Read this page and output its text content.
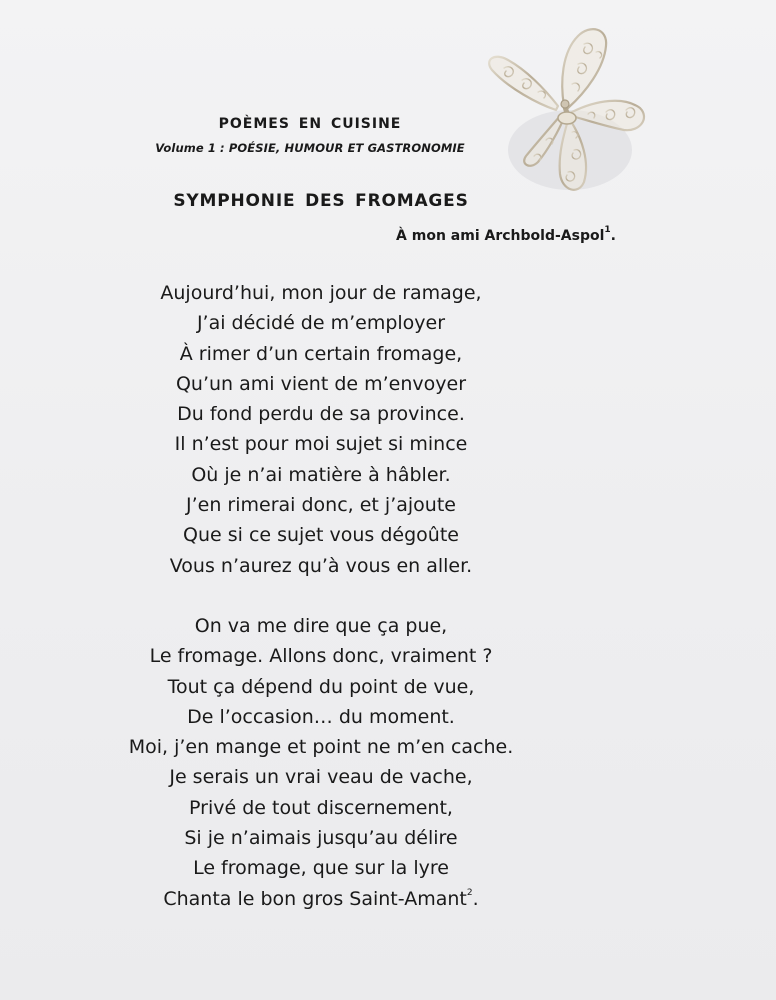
POÈMES EN CUISINE
Volume 1 : POÉSIE, HUMOUR ET GASTRONOMIE
SYMPHONIE DES FROMAGES
À mon ami Archbold-Aspol$^1$.

Aujourd’hui, mon jour de ramage,
J’ai décidé de m’employer
À rimer d’un certain fromage,
Qu’un ami vient de m’envoyer
Du fond perdu de sa province.
Il n’est pour moi sujet si mince
Où je n’ai matière à hâbler.
J’en rimerai donc, et j’ajoute
Que si ce sujet vous dégoûte
Vous n’aurez qu’à vous en aller.

On va me dire que ça pue,
Le fromage. Allons donc, vraiment ?
Tout ça dépend du point de vue,
De l’occasion… du moment.
Moi, j’en mange et point ne m’en cache.
Je serais un vrai veau de vache,
Privé de tout discernement,
Si je n’aimais jusqu’au délire
Le fromage, que sur la lyre
Chanta le bon gros Saint-Amant$^2$.
